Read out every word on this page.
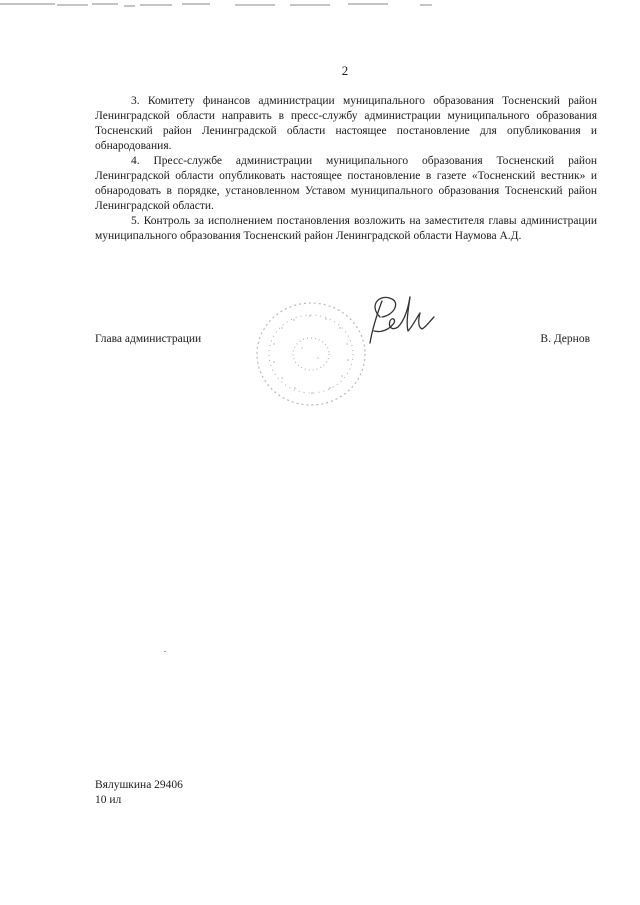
2

3. Комитету финансов администрации муниципального образования Тосненский район Ленинградской области направить в пресс-службу администрации муниципального образования Тосненский район Ленинградской области настоящее постановление для опубликования и обнародования.

4. Пресс-службе администрации муниципального образования Тосненский район Ленинградской области опубликовать настоящее постановление в газете «Тосненский вестник» и обнародовать в порядке, установленном Уставом муниципального образования Тосненский район Ленинградской области.

5. Контроль за исполнением постановления возложить на заместителя главы администрации муниципального образования Тосненский район Ленинградской области Наумова А.Д.

Глава администрации	В. Дернов
Вялушкина 29406
10 ил
